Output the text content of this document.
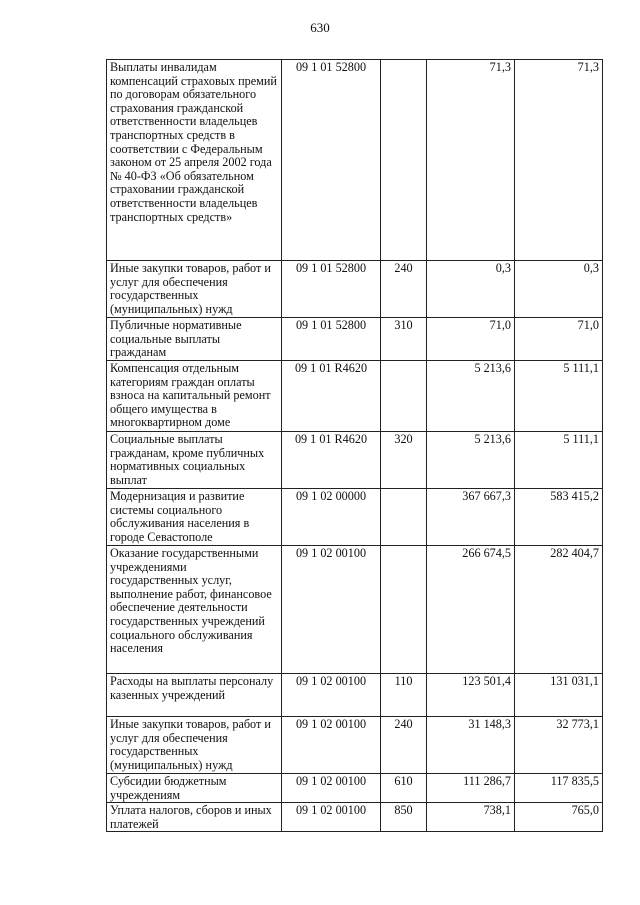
630
Выплаты инвалидам компенсаций страховых премий по договорам обязательного страхования гражданской ответственности владельцев транспортных средств в соответствии с Федеральным законом от 25 апреля 2002 года № 40-ФЗ «Об обязательном страховании гражданской ответственности владельцев транспортных средств»	09 1 01 52800		71,3	71,3
Иные закупки товаров, работ и услуг для обеспечения государственных (муниципальных) нужд	09 1 01 52800	240	0,3	0,3
Публичные нормативные социальные выплаты гражданам	09 1 01 52800	310	71,0	71,0
Компенсация отдельным категориям граждан оплаты взноса на капитальный ремонт общего имущества в многоквартирном доме	09 1 01 R4620		5 213,6	5 111,1
Социальные выплаты гражданам, кроме публичных нормативных социальных выплат	09 1 01 R4620	320	5 213,6	5 111,1
Модернизация и развитие системы социального обслуживания населения в городе Севастополе	09 1 02 00000		367 667,3	583 415,2
Оказание государственными учреждениями государственных услуг, выполнение работ, финансовое обеспечение деятельности государственных учреждений социального обслуживания населения	09 1 02 00100		266 674,5	282 404,7
Расходы на выплаты персоналу казенных учреждений	09 1 02 00100	110	123 501,4	131 031,1
Иные закупки товаров, работ и услуг для обеспечения государственных (муниципальных) нужд	09 1 02 00100	240	31 148,3	32 773,1
Субсидии бюджетным учреждениям	09 1 02 00100	610	111 286,7	117 835,5
Уплата налогов, сборов и иных платежей	09 1 02 00100	850	738,1	765,0
